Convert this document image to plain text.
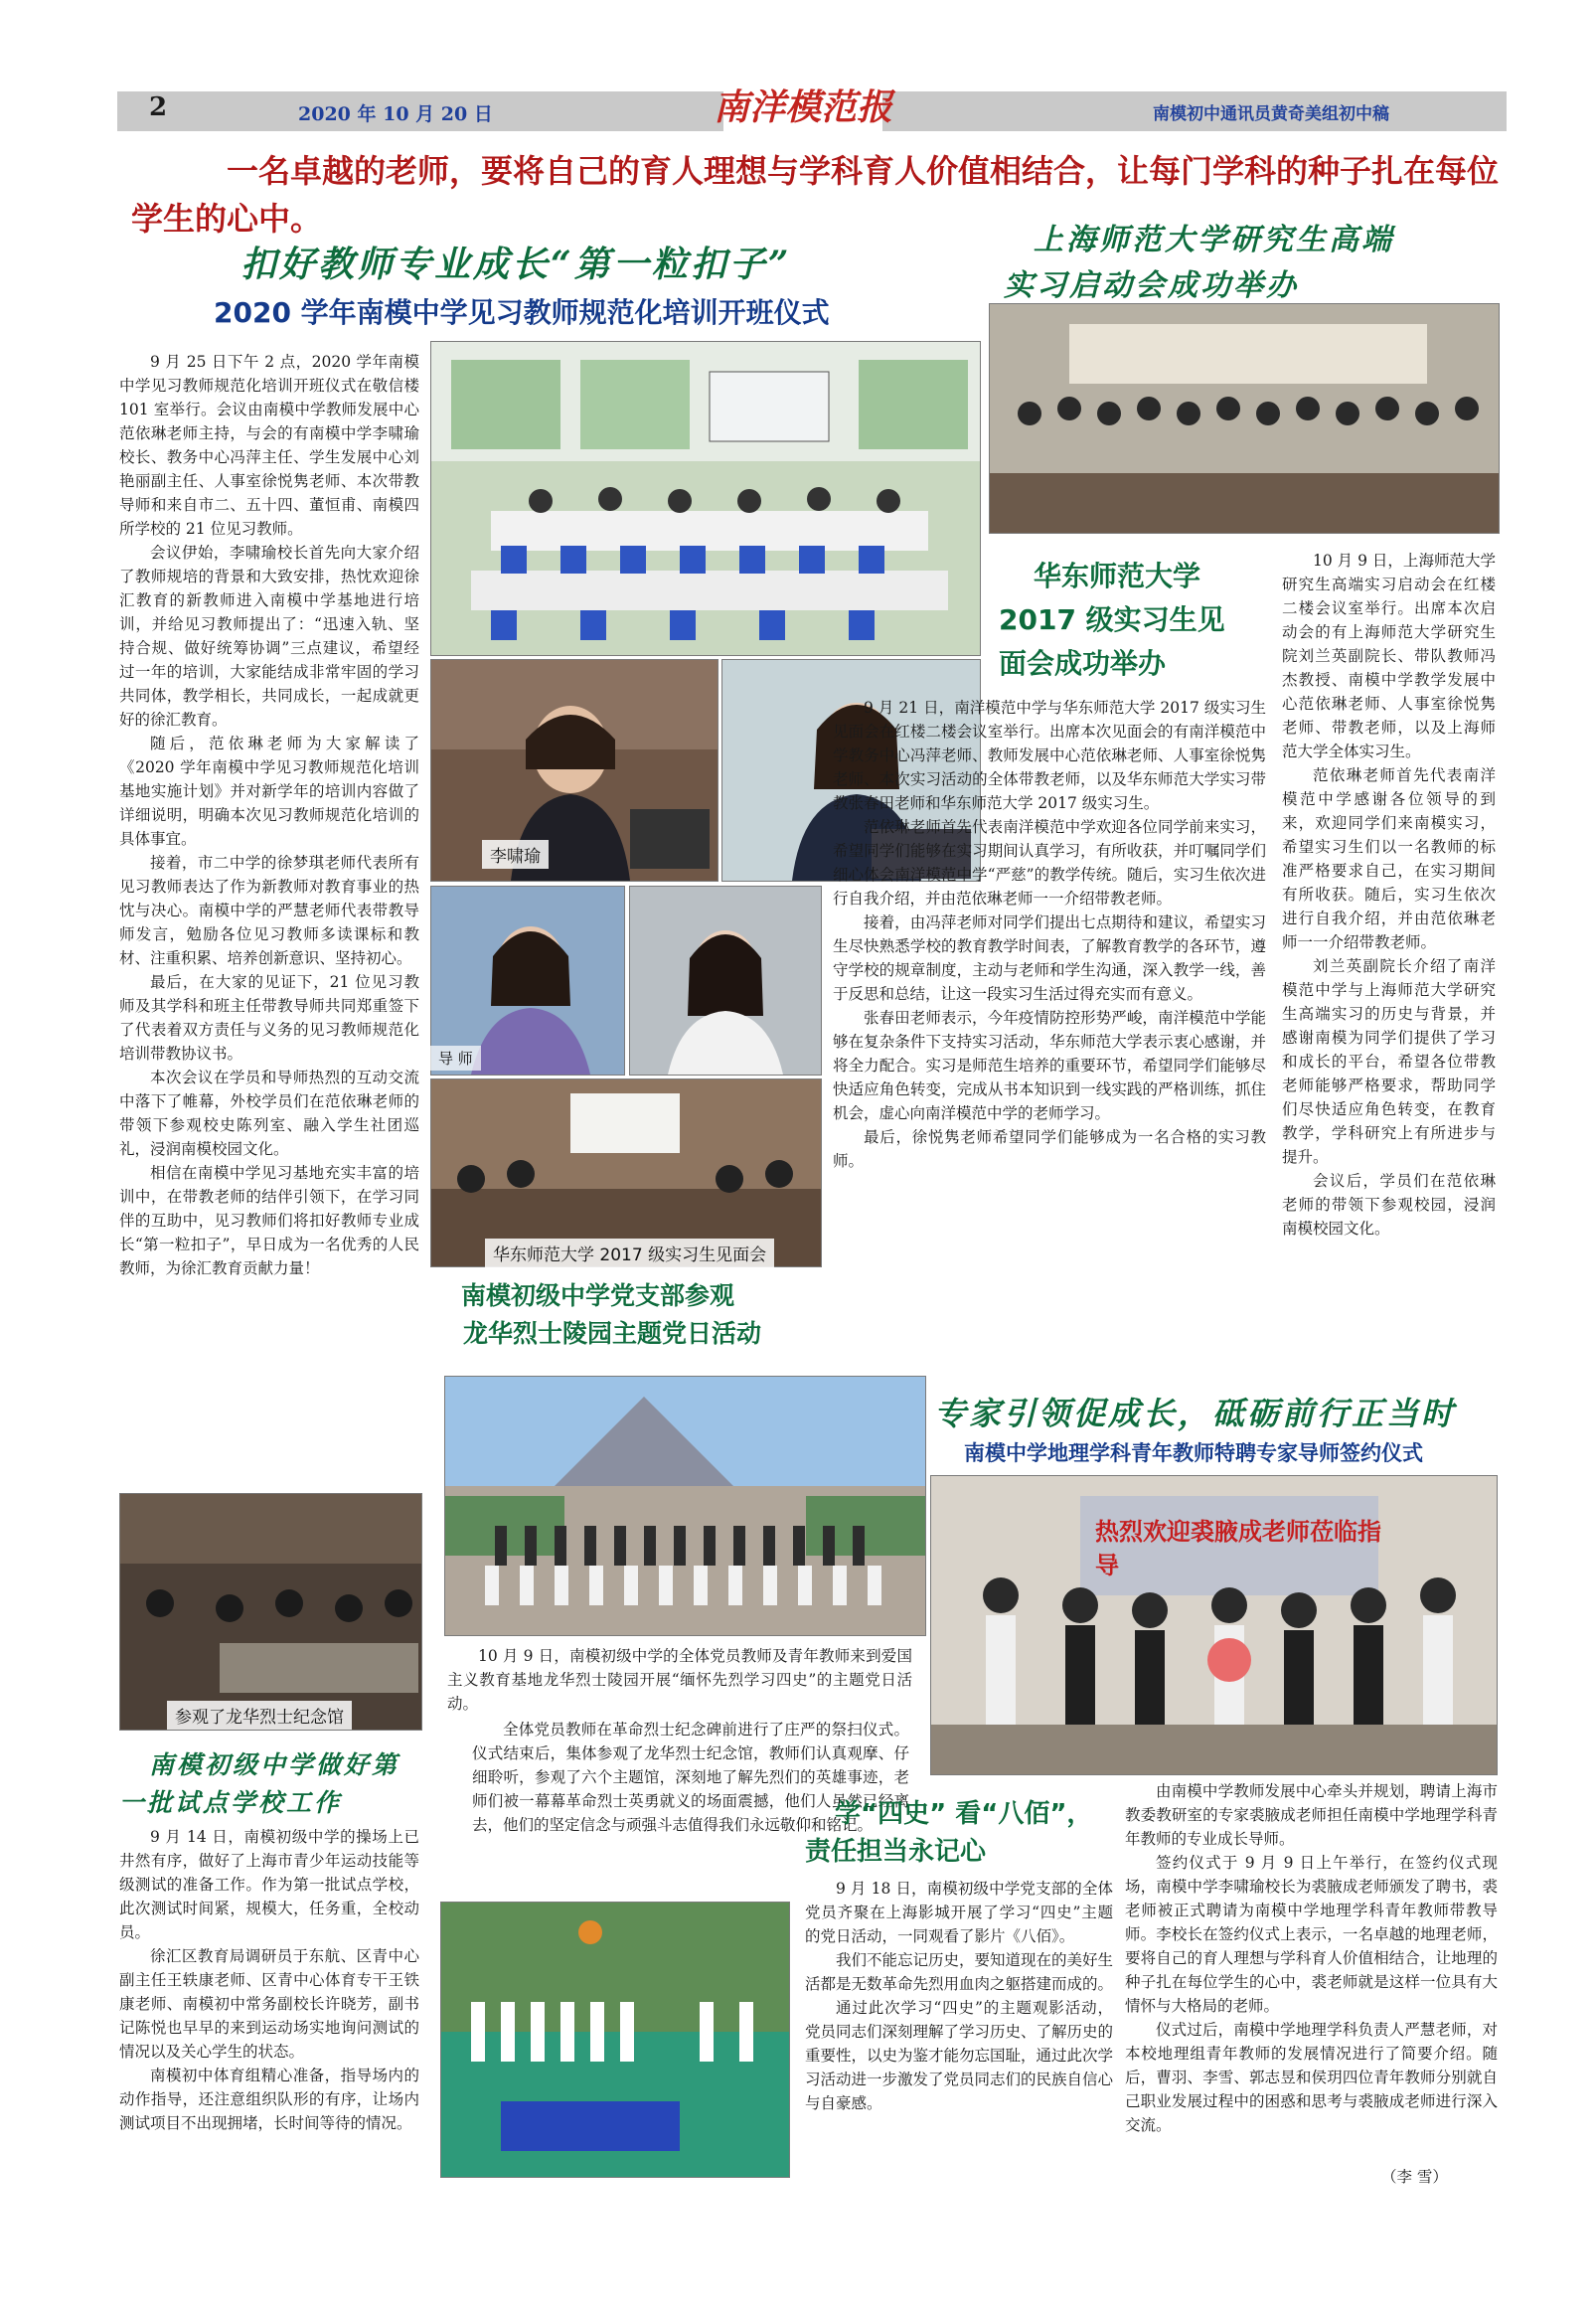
2	2020 年 10 月 20 日	南洋模范报	南模初中通讯员黄奇美组初中稿
一名卓越的老师，要将自己的育人理想与学科育人价值相结合，让每门学科的种子扎在每位学生的心中。
扣好教师专业成长“第一粒扣子”
2020 学年南模中学见习教师规范化培训开班仪式

9 月 25 日下午 2 点，2020 学年南模中学见习教师规范化培训开班仪式在敬信楼 101 室举行。会议由南模中学教师发展中心范依琳老师主持，与会的有南模中学李啸瑜校长、教务中心冯萍主任、学生发展中心刘艳丽副主任、人事室徐悦隽老师、本次带教导师和来自市二、五十四、董恒甫、南模四所学校的 21 位见习教师。

会议伊始，李啸瑜校长首先向大家介绍了教师规培的背景和大致安排，热忱欢迎徐汇教育的新教师进入南模中学基地进行培训，并给见习教师提出了：“迅速入轨、坚持合规、做好统筹协调”三点建议，希望经过一年的培训，大家能结成非常牢固的学习共同体，教学相长，共同成长，一起成就更好的徐汇教育。

随后，范依琳老师为大家解读了《2020 学年南模中学见习教师规范化培训基地实施计划》并对新学年的培训内容做了详细说明，明确本次见习教师规范化培训的具体事宜。

接着，市二中学的徐梦琪老师代表所有见习教师表达了作为新教师对教育事业的热忱与决心。南模中学的严慧老师代表带教导师发言，勉励各位见习教师多读课标和教材、注重积累、培养创新意识、坚持初心。

最后，在大家的见证下，21 位见习教师及其学科和班主任带教导师共同郑重签下了代表着双方责任与义务的见习教师规范化培训带教协议书。

本次会议在学员和导师热烈的互动交流中落下了帷幕，外校学员们在范依琳老师的带领下参观校史陈列室、融入学生社团巡礼，浸润南模校园文化。

相信在南模中学见习基地充实丰富的培训中，在带教老师的结伴引领下，在学习同伴的互助中，见习教师们将扣好教师专业成长“第一粒扣子”，早日成为一名优秀的人民教师，为徐汇教育贡献力量！

李啸瑜
导 师
华东师范大学 2017 级实习生见面会
上海师范大学研究生高端
实习启动会成功举办

10 月 9 日，上海师范大学研究生高端实习启动会在红楼二楼会议室举行。出席本次启动会的有上海师范大学研究生院刘兰英副院长、带队教师冯杰教授、南模中学教学发展中心范依琳老师、人事室徐悦隽老师、带教老师，以及上海师范大学全体实习生。

范依琳老师首先代表南洋模范中学感谢各位领导的到来，欢迎同学们来南模实习，希望实习生们以一名教师的标准严格要求自己，在实习期间有所收获。随后，实习生依次进行自我介绍，并由范依琳老师一一介绍带教老师。

刘兰英副院长介绍了南洋模范中学与上海师范大学研究生高端实习的历史与背景，并感谢南模为同学们提供了学习和成长的平台，希望各位带教老师能够严格要求，帮助同学们尽快适应角色转变，在教育教学，学科研究上有所进步与提升。

会议后，学员们在范依琳老师的带领下参观校园，浸润南模校园文化。

华东师范大学
2017 级实习生见
面会成功举办

9 月 21 日，南洋模范中学与华东师范大学 2017 级实习生见面会在红楼二楼会议室举行。出席本次见面会的有南洋模范中学教务中心冯萍老师、教师发展中心范依琳老师、人事室徐悦隽老师、本次实习活动的全体带教老师，以及华东师范大学实习带教张春田老师和华东师范大学 2017 级实习生。

范依琳老师首先代表南洋模范中学欢迎各位同学前来实习，希望同学们能够在实习期间认真学习，有所收获，并叮嘱同学们细心体会南洋模范中学“严慈”的教学传统。随后，实习生依次进行自我介绍，并由范依琳老师一一介绍带教老师。

接着，由冯萍老师对同学们提出七点期待和建议，希望实习生尽快熟悉学校的教育教学时间表，了解教育教学的各环节，遵守学校的规章制度，主动与老师和学生沟通，深入教学一线，善于反思和总结，让这一段实习生活过得充实而有意义。

张春田老师表示，今年疫情防控形势严峻，南洋模范中学能够在复杂条件下支持实习活动，华东师范大学表示衷心感谢，并将全力配合。实习是师范生培养的重要环节，希望同学们能够尽快适应角色转变，完成从书本知识到一线实践的严格训练，抓住机会，虚心向南洋模范中学的老师学习。

最后，徐悦隽老师希望同学们能够成为一名合格的实习教师。

南模初级中学党支部参观
龙华烈士陵园主题党日活动

10 月 9 日，南模初级中学的全体党员教师及青年教师来到爱国主义教育基地龙华烈士陵园开展“缅怀先烈学习四史”的主题党日活动。

全体党员教师在革命烈士纪念碑前进行了庄严的祭扫仪式。仪式结束后，集体参观了龙华烈士纪念馆，教师们认真观摩、仔细聆听，参观了六个主题馆，深刻地了解先烈们的英雄事迹，老师们被一幕幕革命烈士英勇就义的场面震撼，他们人虽然已经离去，他们的坚定信念与顽强斗志值得我们永远敬仰和铭记。

参观了龙华烈士纪念馆
南模初级中学做好第
一批试点学校工作

9 月 14 日，南模初级中学的操场上已井然有序，做好了上海市青少年运动技能等级测试的准备工作。作为第一批试点学校，此次测试时间紧，规模大，任务重，全校动员。

徐汇区教育局调研员于东航、区青中心副主任王轶康老师、区青中心体育专干王铁康老师、南模初中常务副校长许晓芳，副书记陈悦也早早的来到运动场实地询问测试的情况以及关心学生的状态。

南模初中体育组精心准备，指导场内的动作指导，还注意组织队形的有序，让场内测试项目不出现拥堵，长时间等待的情况。

学“四史” 看“八佰”，
责任担当永记心

9 月 18 日，南模初级中学党支部的全体党员齐聚在上海影城开展了学习“四史”主题的党日活动，一同观看了影片《八佰》。

我们不能忘记历史，要知道现在的美好生活都是无数革命先烈用血肉之躯搭建而成的。

通过此次学习“四史”的主题观影活动，党员同志们深刻理解了学习历史、了解历史的重要性，以史为鉴才能勿忘国耻，通过此次学习活动进一步激发了党员同志们的民族自信心与自豪感。

专家引领促成长，砥砺前行正当时
南模中学地理学科青年教师特聘专家导师签约仪式
热烈欢迎裘腋成老师莅临指导

由南模中学教师发展中心牵头并规划，聘请上海市教委教研室的专家裘腋成老师担任南模中学地理学科青年教师的专业成长导师。

签约仪式于 9 月 9 日上午举行，在签约仪式现场，南模中学李啸瑜校长为裘腋成老师颁发了聘书，裘老师被正式聘请为南模中学地理学科青年教师带教导师。李校长在签约仪式上表示，一名卓越的地理老师，要将自己的育人理想与学科育人价值相结合，让地理的种子扎在每位学生的心中，裘老师就是这样一位具有大情怀与大格局的老师。

仪式过后，南模中学地理学科负责人严慧老师，对本校地理组青年教师的发展情况进行了简要介绍。随后，曹羽、李雪、郭志昱和侯玥四位青年教师分别就自己职业发展过程中的困惑和思考与裘腋成老师进行深入交流。

（李 雪）
